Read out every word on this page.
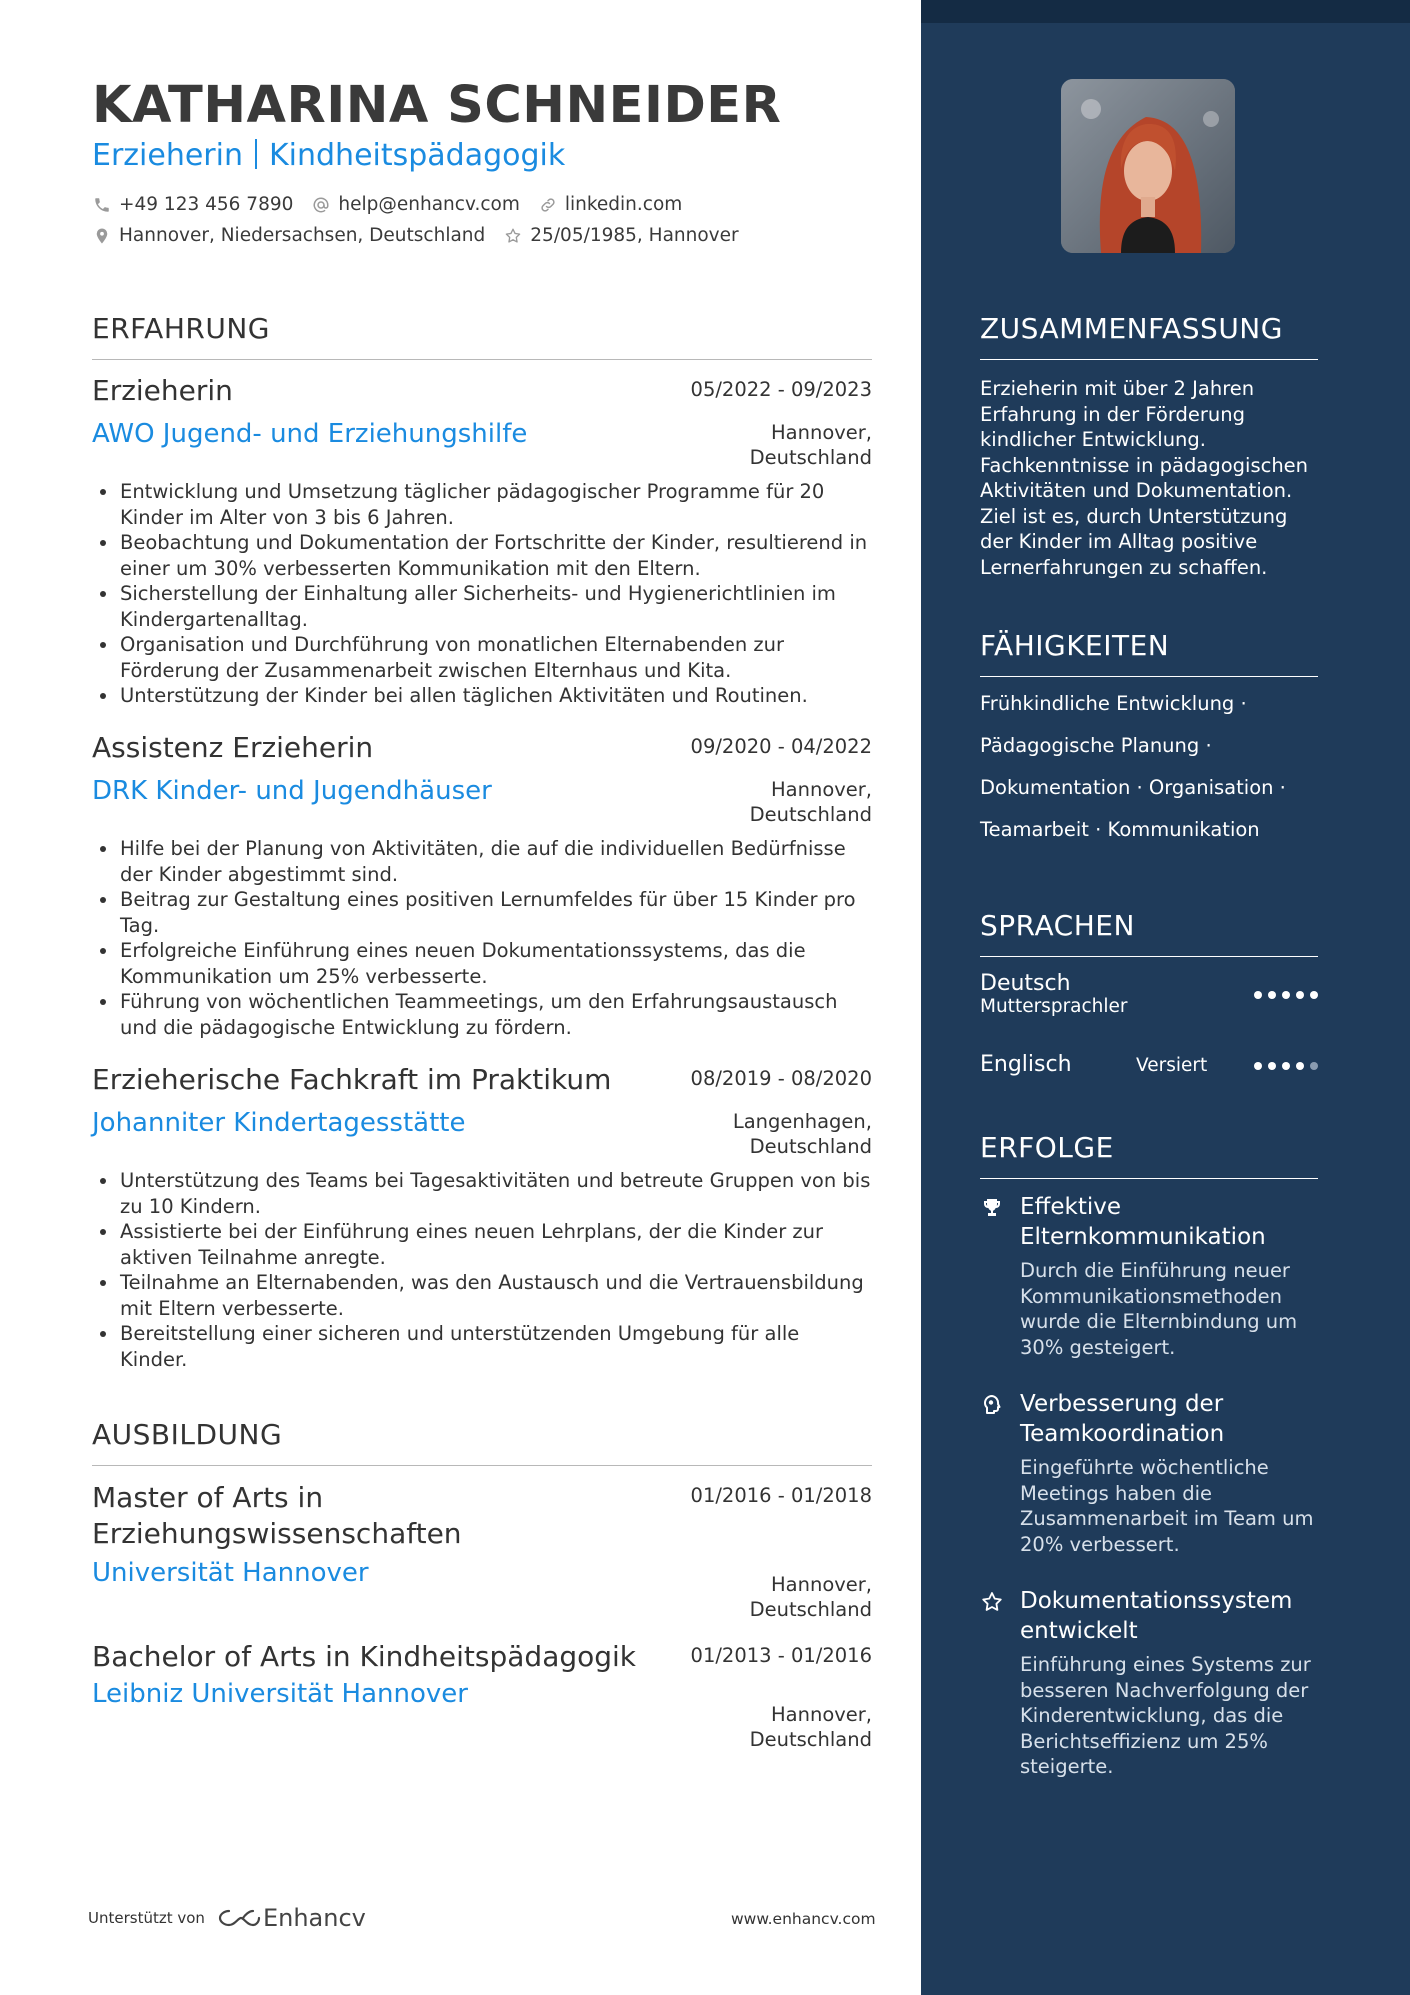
KATHARINA SCHNEIDER
Erzieherin Kindheitspädagogik
+49 123 456 7890 help@enhancv.com linkedin.com
Hannover, Niedersachsen, Deutschland 25/05/1985, Hannover
ERFAHRUNG
Erzieherin	05/2022 - 09/2023
AWO Jugend- und Erziehungshilfe	Hannover,
Deutschland
Entwicklung und Umsetzung täglicher pädagogischer Programme für 20 Kinder im Alter von 3 bis 6 Jahren.
Beobachtung und Dokumentation der Fortschritte der Kinder, resultierend in einer um 30% verbesserten Kommunikation mit den Eltern.
Sicherstellung der Einhaltung aller Sicherheits- und Hygienerichtlinien im Kindergartenalltag.
Organisation und Durchführung von monatlichen Elternabenden zur Förderung der Zusammenarbeit zwischen Elternhaus und Kita.
Unterstützung der Kinder bei allen täglichen Aktivitäten und Routinen.
Assistenz Erzieherin	09/2020 - 04/2022
DRK Kinder- und Jugendhäuser	Hannover,
Deutschland
Hilfe bei der Planung von Aktivitäten, die auf die individuellen Bedürfnisse der Kinder abgestimmt sind.
Beitrag zur Gestaltung eines positiven Lernumfeldes für über 15 Kinder pro Tag.
Erfolgreiche Einführung eines neuen Dokumentationssystems, das die Kommunikation um 25% verbesserte.
Führung von wöchentlichen Teammeetings, um den Erfahrungsaustausch und die pädagogische Entwicklung zu fördern.
Erzieherische Fachkraft im Praktikum	08/2019 - 08/2020
Johanniter Kindertagesstätte	Langenhagen,
Deutschland
Unterstützung des Teams bei Tagesaktivitäten und betreute Gruppen von bis zu 10 Kindern.
Assistierte bei der Einführung eines neuen Lehrplans, der die Kinder zur aktiven Teilnahme anregte.
Teilnahme an Elternabenden, was den Austausch und die Vertrauensbildung mit Eltern verbesserte.
Bereitstellung einer sicheren und unterstützenden Umgebung für alle Kinder.
AUSBILDUNG
Master of Arts in
Erziehungswissenschaften
01/2016 - 01/2018
Universität Hannover	Hannover,
Deutschland
Bachelor of Arts in Kindheitspädagogik	01/2013 - 01/2016
Leibniz Universität Hannover
Hannover,
Deutschland
Unterstützt von Enhancv	www.enhancv.com
ZUSAMMENFASSUNG
Erzieherin mit über 2 Jahren Erfahrung in der Förderung kindlicher Entwicklung. Fachkenntnisse in pädagogischen Aktivitäten und Dokumentation. Ziel ist es, durch Unterstützung der Kinder im Alltag positive Lernerfahrungen zu schaffen.
FÄHIGKEITEN
Frühkindliche Entwicklung ·
Pädagogische Planung ·
Dokumentation · Organisation ·
Teamarbeit · Kommunikation
SPRACHEN
Deutsch
Muttersprachler
Englisch	Versiert
ERFOLGE
Effektive Elternkommunikation
Durch die Einführung neuer Kommunikationsmethoden wurde die Elternbindung um 30% gesteigert.
Verbesserung der Teamkoordination
Eingeführte wöchentliche Meetings haben die Zusammenarbeit im Team um 20% verbessert.
Dokumentationssystem entwickelt
Einführung eines Systems zur besseren Nachverfolgung der Kinderentwicklung, das die Berichtseffizienz um 25% steigerte.
